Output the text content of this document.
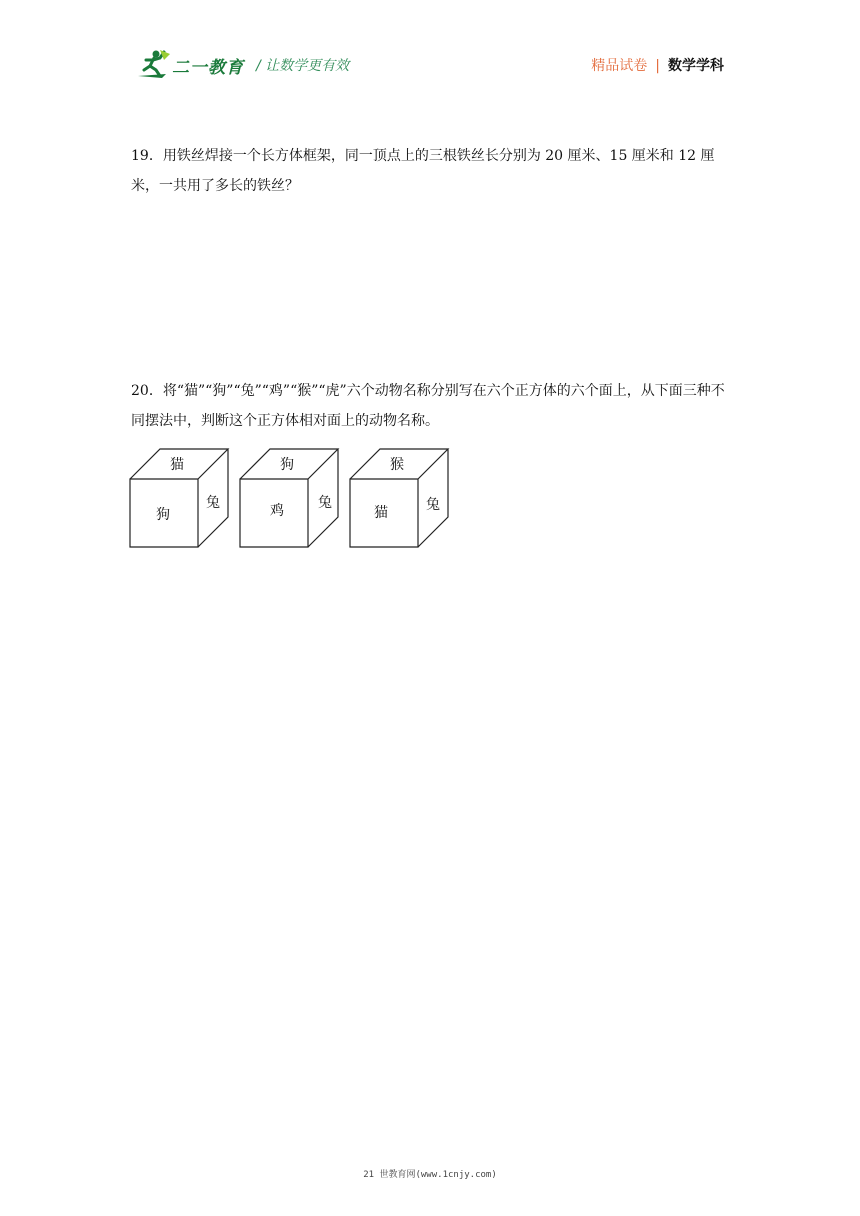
二一教育 / 让数学更有效	精品试卷 | 数学学科
19．用铁丝焊接一个长方体框架，同一顶点上的三根铁丝长分别为 20 厘米、15 厘米和 12 厘米，一共用了多长的铁丝？
20．将“猫”“狗”“兔”“鸡”“猴”“虎”六个动物名称分别写在六个正方体的六个面上，从下面三种不同摆法中，判断这个正方体相对面上的动物名称。
猫
狗
兔
狗
鸡 兔
猴
猫	兔
21 世教育网(www.1cnjy.com)
